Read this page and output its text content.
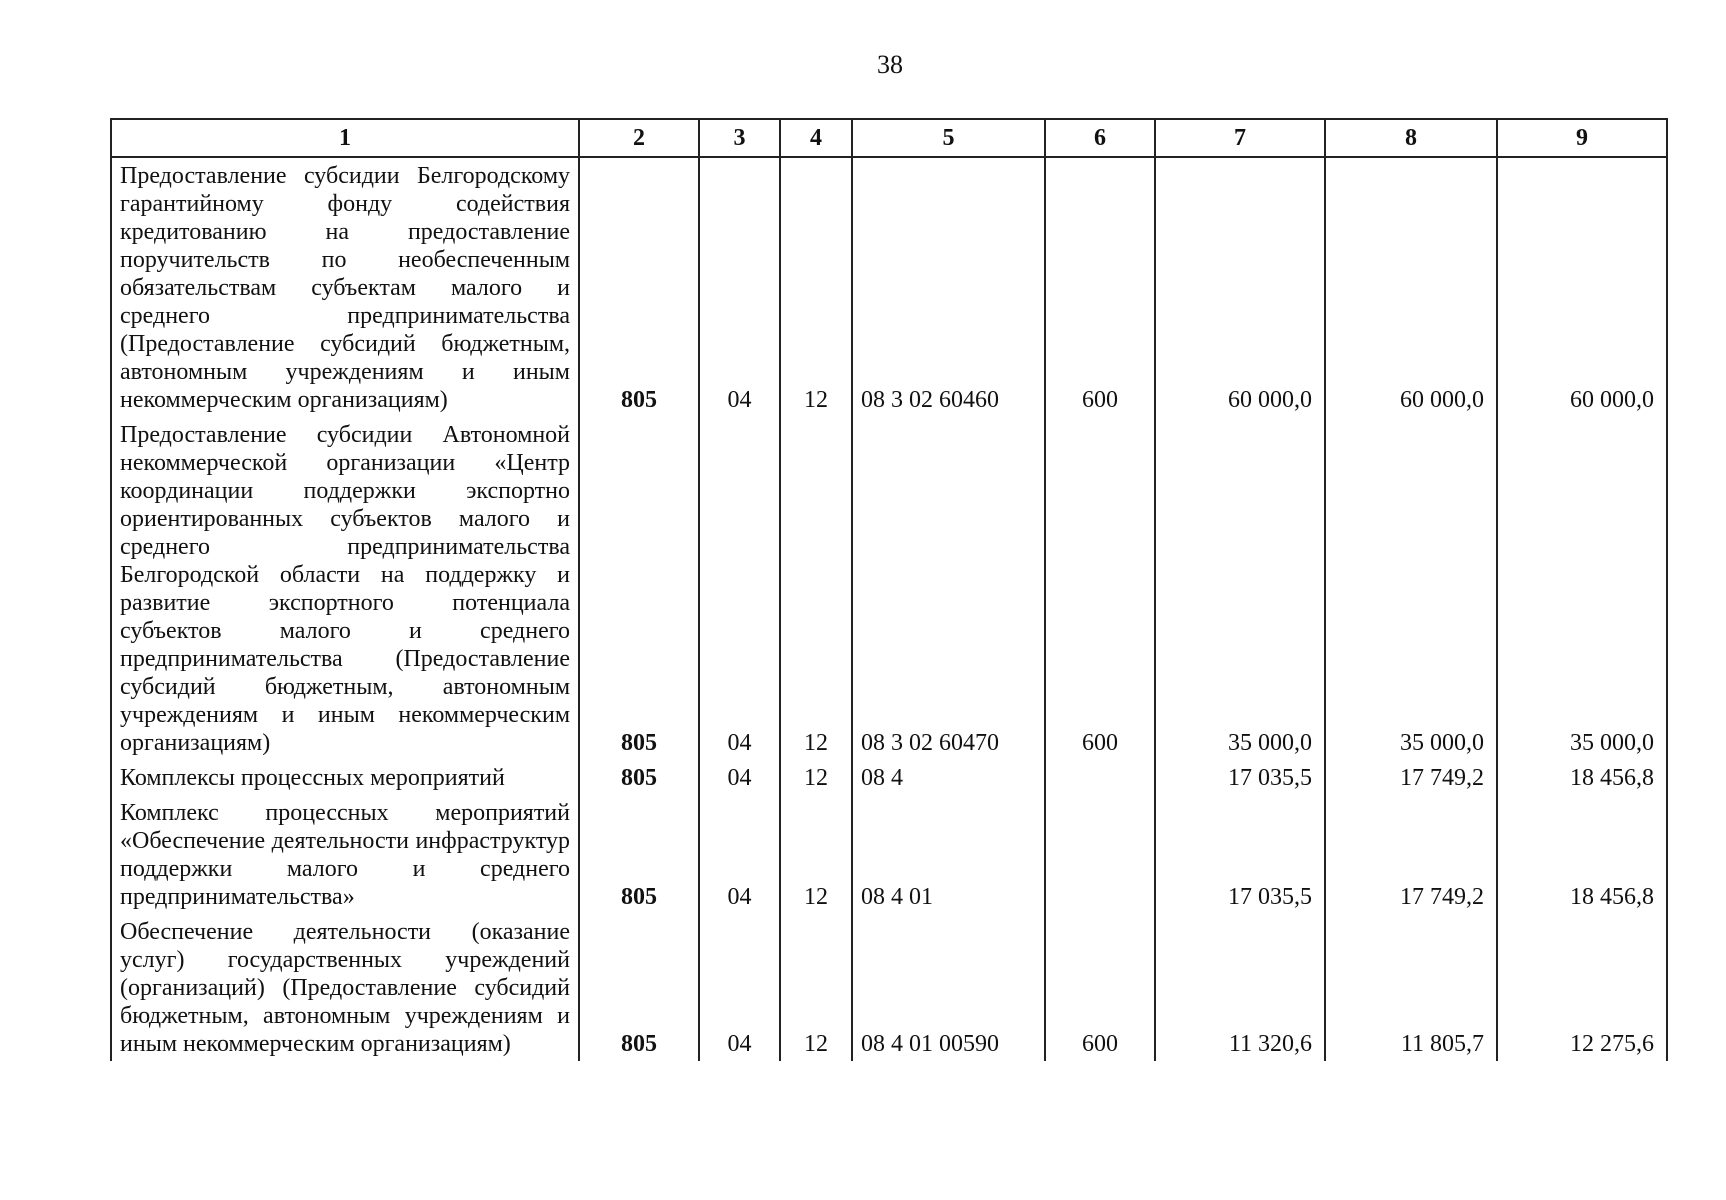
38
1	2	3	4	5	6	7	8	9
Предоставление субсидии Белгородскому гарантийному фонду содействия кредитованию на предоставление поручительств по необеспеченным обязательствам субъектам малого и среднего предпринимательства (Предоставление субсидий бюджетным, автономным учреждениям и иным некоммерческим организациям)	805	04	12	08 3 02 60460	600	60 000,0	60 000,0	60 000,0
Предоставление субсидии Автономной некоммерческой организации «Центр координации поддержки экспортно ориентированных субъектов малого и среднего предпринимательства Белгородской области на поддержку и развитие экспортного потенциала субъектов малого и среднего предпринимательства (Предоставление субсидий бюджетным, автономным учреждениям и иным некоммерческим организациям)	805	04	12	08 3 02 60470	600	35 000,0	35 000,0	35 000,0
Комплексы процессных мероприятий	805	04	12	08 4		17 035,5	17 749,2	18 456,8
Комплекс процессных мероприятий «Обеспечение деятельности инфраструктур поддержки малого и среднего предпринимательства»	805	04	12	08 4 01		17 035,5	17 749,2	18 456,8
Обеспечение деятельности (оказание услуг) государственных учреждений (организаций) (Предоставление субсидий бюджетным, автономным учреждениям и иным некоммерческим организациям)	805	04	12	08 4 01 00590	600	11 320,6	11 805,7	12 275,6
